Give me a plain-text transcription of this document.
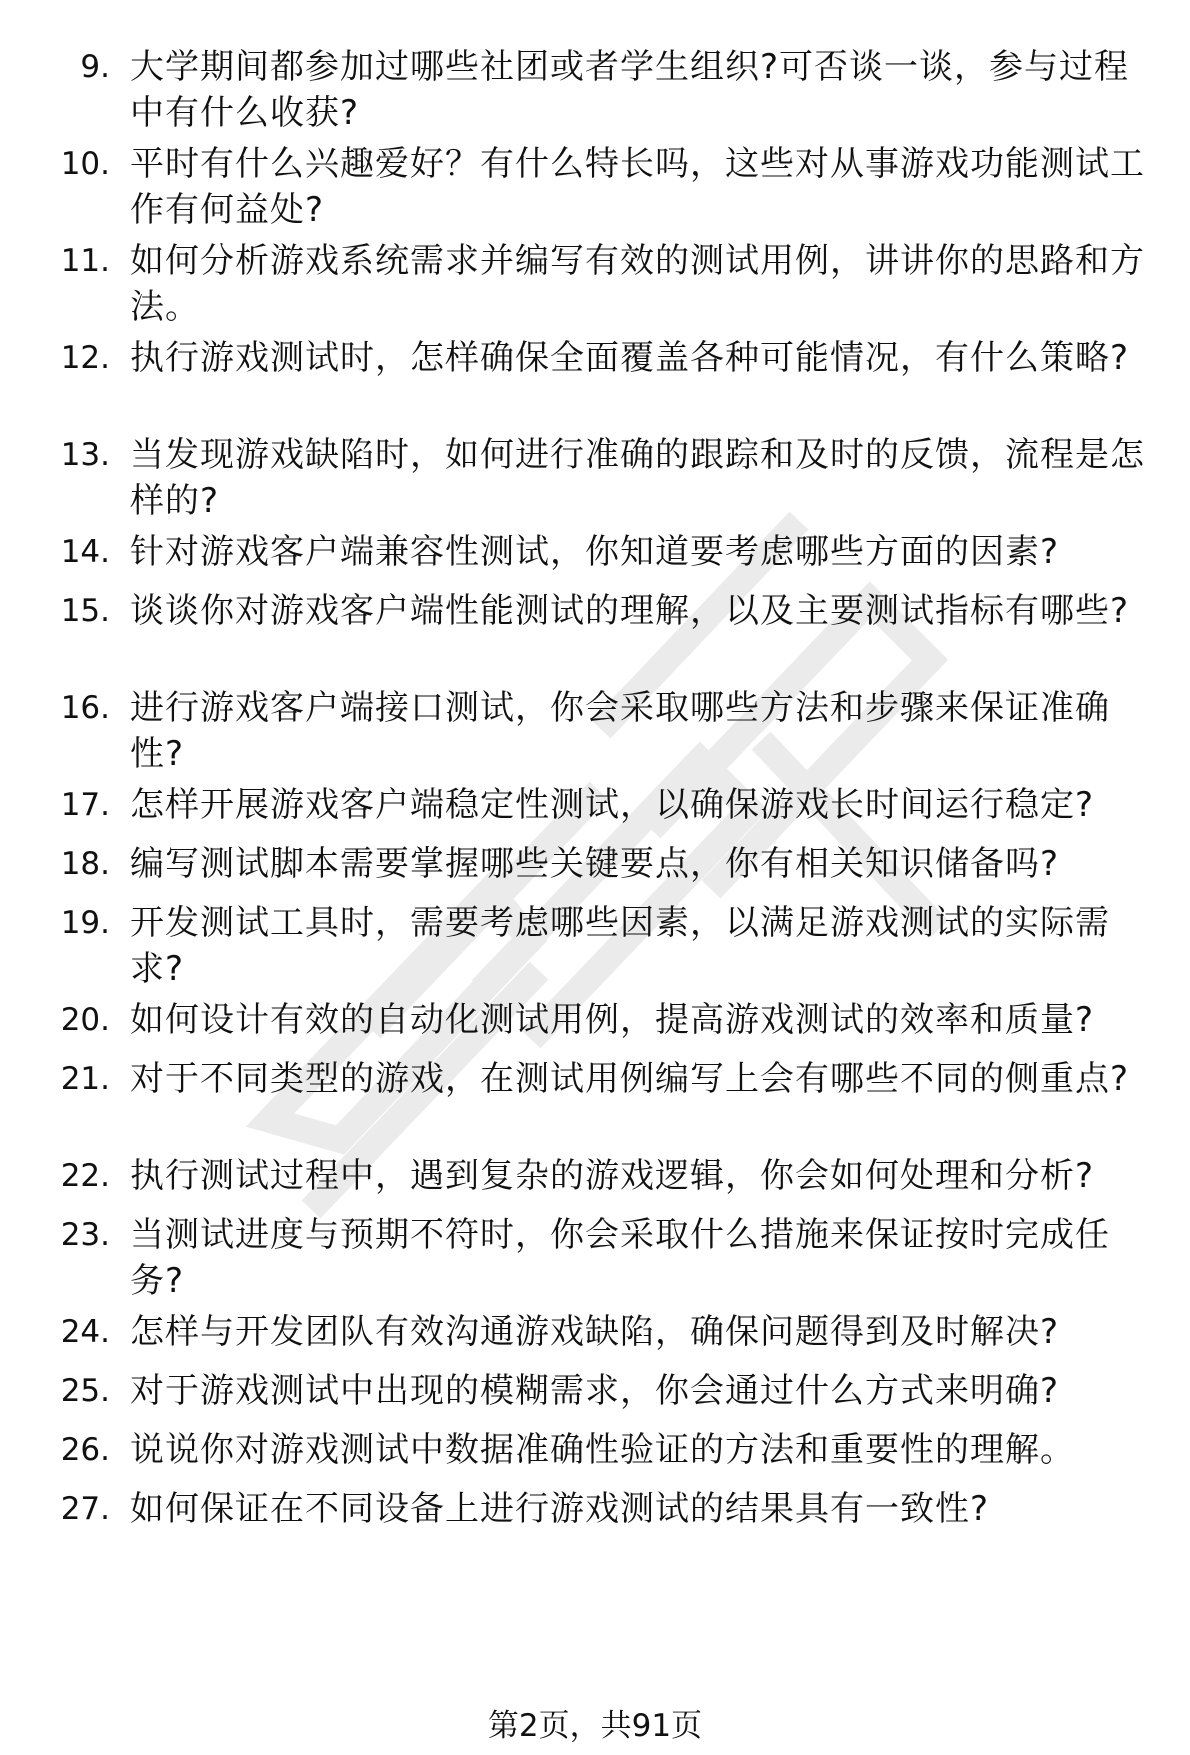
9. 大学期间都参加过哪些社团或者学生组织?可否谈一谈，参与过程中有什么收获?
10. 平时有什么兴趣爱好？有什么特长吗，这些对从事游戏功能测试工作有何益处?
11. 如何分析游戏系统需求并编写有效的测试用例，讲讲你的思路和方法。
12. 执行游戏测试时，怎样确保全面覆盖各种可能情况，有什么策略?
13. 当发现游戏缺陷时，如何进行准确的跟踪和及时的反馈，流程是怎样的?
14. 针对游戏客户端兼容性测试，你知道要考虑哪些方面的因素?
15. 谈谈你对游戏客户端性能测试的理解，以及主要测试指标有哪些?
16. 进行游戏客户端接口测试，你会采取哪些方法和步骤来保证准确性?
17. 怎样开展游戏客户端稳定性测试，以确保游戏长时间运行稳定?
18. 编写测试脚本需要掌握哪些关键要点，你有相关知识储备吗?
19. 开发测试工具时，需要考虑哪些因素，以满足游戏测试的实际需求?
20. 如何设计有效的自动化测试用例，提高游戏测试的效率和质量?
21. 对于不同类型的游戏，在测试用例编写上会有哪些不同的侧重点?
22. 执行测试过程中，遇到复杂的游戏逻辑，你会如何处理和分析?
23. 当测试进度与预期不符时，你会采取什么措施来保证按时完成任务?
24. 怎样与开发团队有效沟通游戏缺陷，确保问题得到及时解决?
25. 对于游戏测试中出现的模糊需求，你会通过什么方式来明确?
26. 说说你对游戏测试中数据准确性验证的方法和重要性的理解。
27. 如何保证在不同设备上进行游戏测试的结果具有一致性?
第2页，共91页
